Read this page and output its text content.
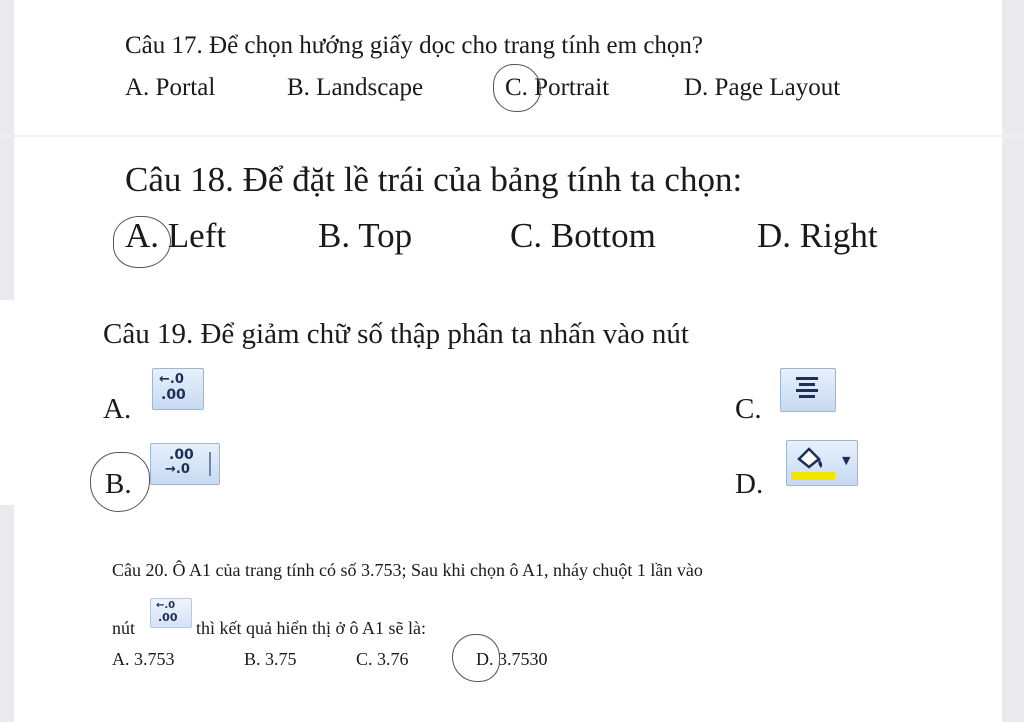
Câu 17. Để chọn hướng giấy dọc cho trang tính em chọn?
A. Portal	B. Landscape	C. Portrait	D. Page Layout
Câu 18. Để đặt lề trái của bảng tính ta chọn:
A. Left	B. Top	C. Bottom	D. Right
Câu 19. Để giảm chữ số thập phân ta nhấn vào nút
A.
←.0
.00	C.
B.
.00
→.0	D.
▼
Câu 20. Ô A1 của trang tính có số 3.753; Sau khi chọn ô A1, nháy chuột 1 lần vào
nút
←.0
.00
thì kết quả hiển thị ở ô A1 sẽ là:
A. 3.753	B. 3.75	C. 3.76	D. 3.7530
